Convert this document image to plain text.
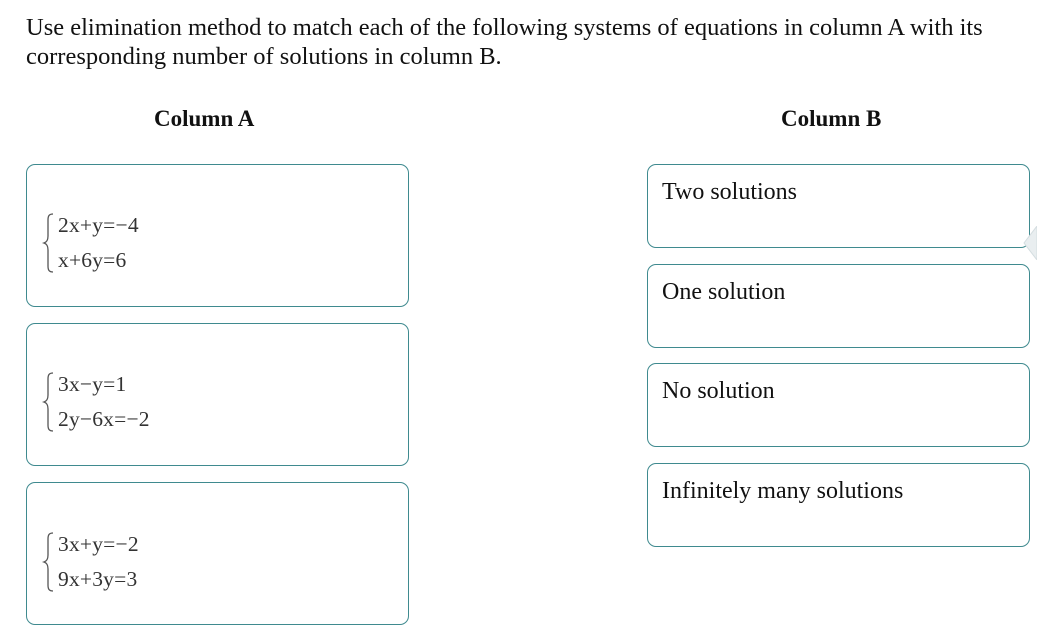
Use elimination method to match each of the following systems of equations in column A with its corresponding number of solutions in column B.

Column A	Column B
2x+y=−4
x+6y=6
3x−y=1
2y−6x=−2
3x+y=−2
9x+3y=3
Two solutions
One solution
No solution
Infinitely many solutions
